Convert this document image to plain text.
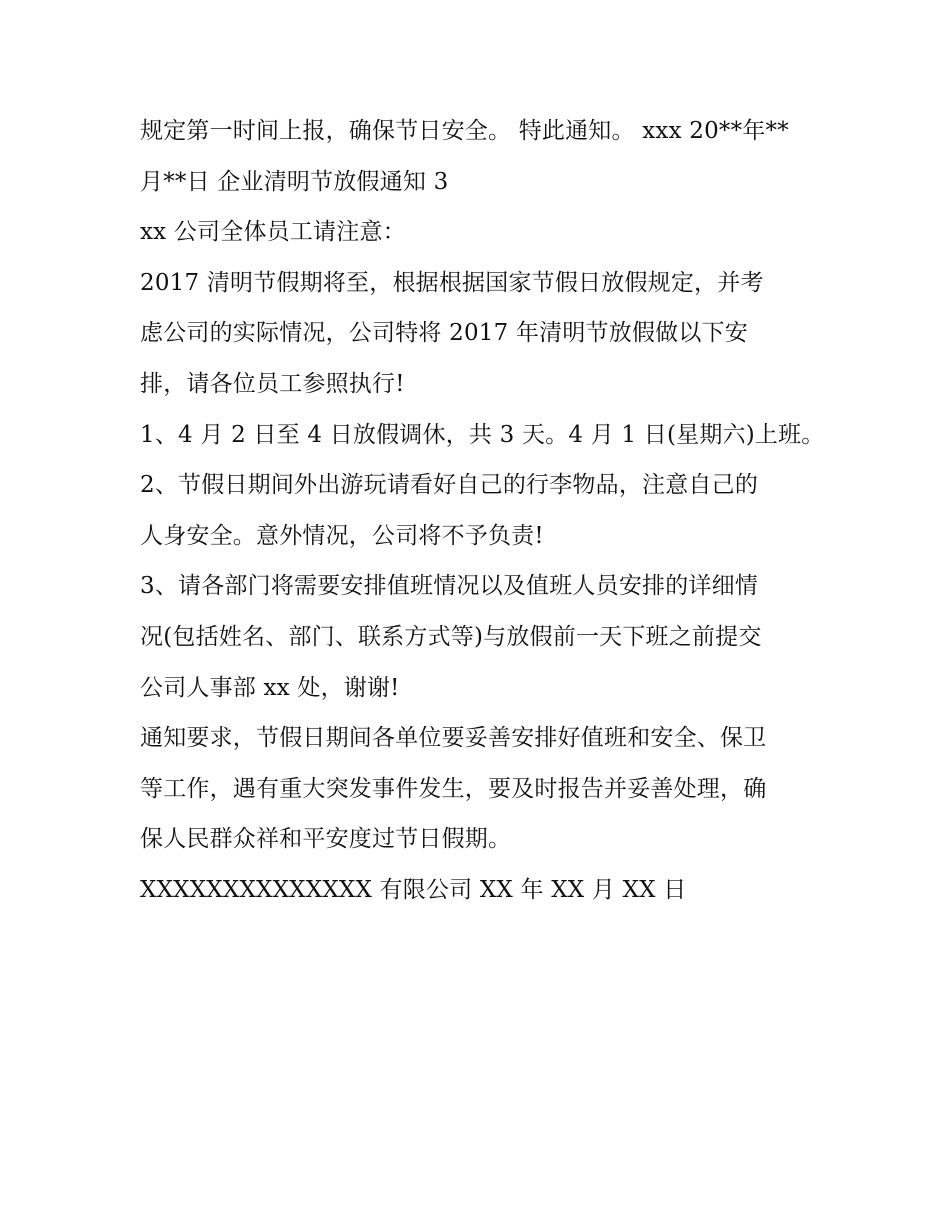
规定第一时间上报，确保节日安全。 特此通知。 xxx 20**年**
月**日 企业清明节放假通知 3
xx 公司全体员工请注意：
2017 清明节假期将至，根据根据国家节假日放假规定，并考
虑公司的实际情况，公司特将 2017 年清明节放假做以下安
排，请各位员工参照执行!
1、4 月 2 日至 4 日放假调休，共 3 天。4 月 1 日(星期六)上班。
2、节假日期间外出游玩请看好自己的行李物品，注意自己的
人身安全。意外情况，公司将不予负责!
3、请各部门将需要安排值班情况以及值班人员安排的详细情
况(包括姓名、部门、联系方式等)与放假前一天下班之前提交
公司人事部 xx 处，谢谢!
通知要求，节假日期间各单位要妥善安排好值班和安全、保卫
等工作，遇有重大突发事件发生，要及时报告并妥善处理，确
保人民群众祥和平安度过节日假期。
XXXXXXXXXXXXXX 有限公司 XX 年 XX 月 XX 日
